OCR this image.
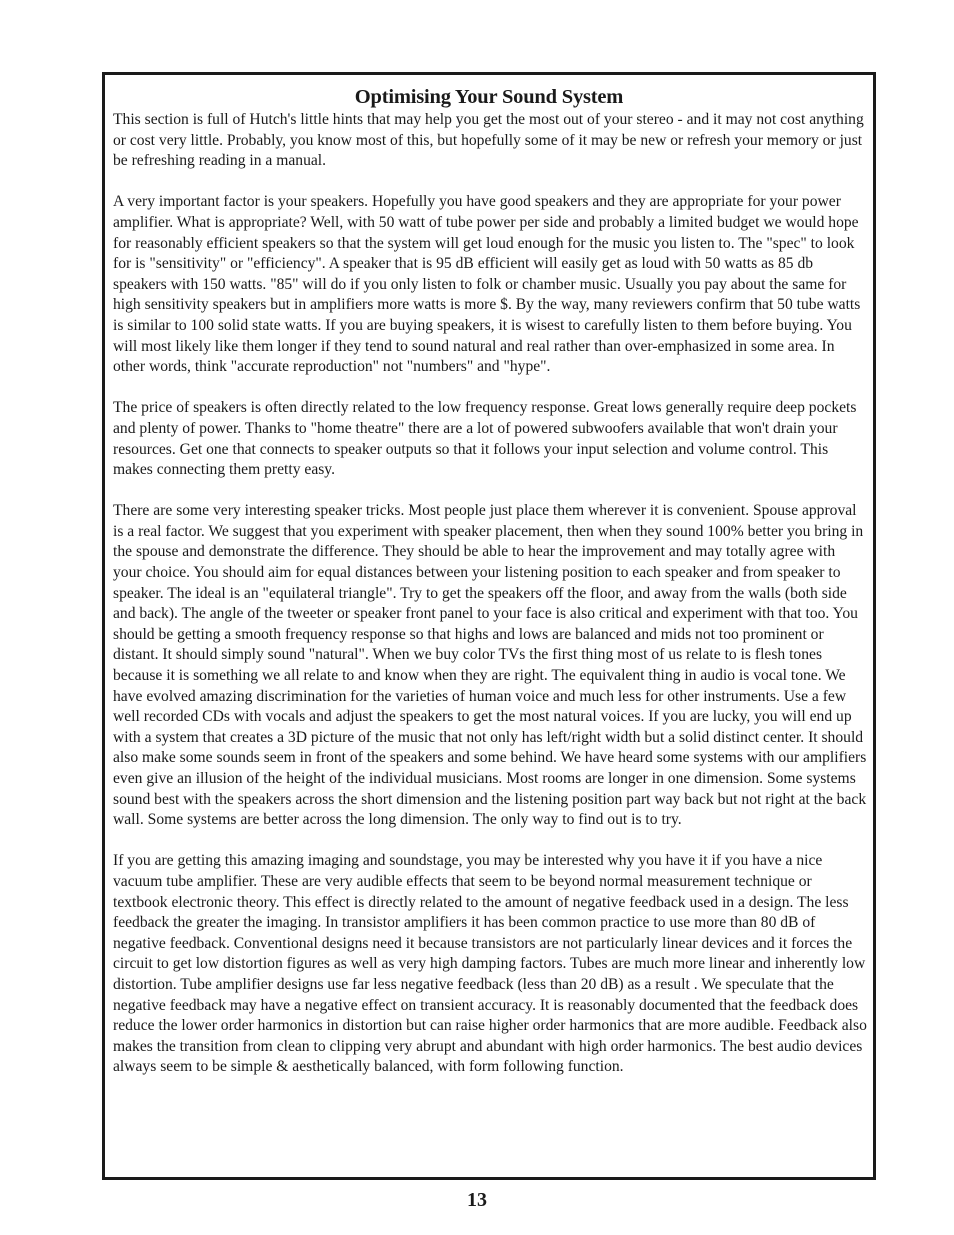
Optimising Your Sound System

This section is full of Hutch's little hints that may help you get the most out of your stereo - and it may not cost anything or cost very little. Probably, you know most of this, but hopefully some of it may be new or refresh your memory or just be refreshing reading in a manual.

A very important factor is your speakers. Hopefully you have good speakers and they are appropriate for your power amplifier. What is appropriate? Well, with 50 watt of tube power per side and probably a limited budget we would hope for reasonably efficient speakers so that the system will get loud enough for the music you listen to. The "spec" to look for is "sensitivity" or "efficiency". A speaker that is 95 dB efficient will easily get as loud with 50 watts as 85 db speakers with 150 watts. "85" will do if you only listen to folk or chamber music. Usually you pay about the same for high sensitivity speakers but in amplifiers more watts is more $. By the way, many reviewers confirm that 50 tube watts is similar to 100 solid state watts. If you are buying speakers, it is wisest to carefully listen to them before buying. You will most likely like them longer if they tend to sound natural and real rather than over-emphasized in some area. In other words, think "accurate reproduction" not "numbers" and "hype".

The price of speakers is often directly related to the low frequency response. Great lows generally require deep pockets and plenty of power. Thanks to "home theatre" there are a lot of powered subwoofers available that won't drain your resources. Get one that connects to speaker outputs so that it follows your input selection and volume control. This makes connecting them pretty easy.

There are some very interesting speaker tricks. Most people just place them wherever it is convenient. Spouse approval is a real factor. We suggest that you experiment with speaker placement, then when they sound 100% better you bring in the spouse and demonstrate the difference. They should be able to hear the improvement and may totally agree with your choice. You should aim for equal distances between your listening position to each speaker and from speaker to speaker. The ideal is an "equilateral triangle". Try to get the speakers off the floor, and away from the walls (both side and back). The angle of the tweeter or speaker front panel to your face is also critical and experiment with that too. You should be getting a smooth frequency response so that highs and lows are balanced and mids not too prominent or distant. It should simply sound "natural". When we buy color TVs the first thing most of us relate to is flesh tones because it is something we all relate to and know when they are right. The equivalent thing in audio is vocal tone. We have evolved amazing discrimination for the varieties of human voice and much less for other instruments. Use a few well recorded CDs with vocals and adjust the speakers to get the most natural voices. If you are lucky, you will end up with a system that creates a 3D picture of the music that not only has left/right width but a solid distinct center. It should also make some sounds seem in front of the speakers and some behind. We have heard some systems with our amplifiers even give an illusion of the height of the individual musicians. Most rooms are longer in one dimension. Some systems sound best with the speakers across the short dimension and the listening position part way back but not right at the back wall. Some systems are better across the long dimension. The only way to find out is to try.

If you are getting this amazing imaging and soundstage, you may be interested why you have it if you have a nice vacuum tube amplifier. These are very audible effects that seem to be beyond normal measurement technique or textbook electronic theory. This effect is directly related to the amount of negative feedback used in a design. The less feedback the greater the imaging. In transistor amplifiers it has been common practice to use more than 80 dB of negative feedback. Conventional designs need it because transistors are not particularly linear devices and it forces the circuit to get low distortion figures as well as very high damping factors. Tubes are much more linear and inherently low distortion. Tube amplifier designs use far less negative feedback (less than 20 dB) as a result . We speculate that the negative feedback may have a negative effect on transient accuracy. It is reasonably documented that the feedback does reduce the lower order harmonics in distortion but can raise higher order harmonics that are more audible. Feedback also makes the transition from clean to clipping very abrupt and abundant with high order harmonics. The best audio devices always seem to be simple & aesthetically balanced, with form following function.

13
